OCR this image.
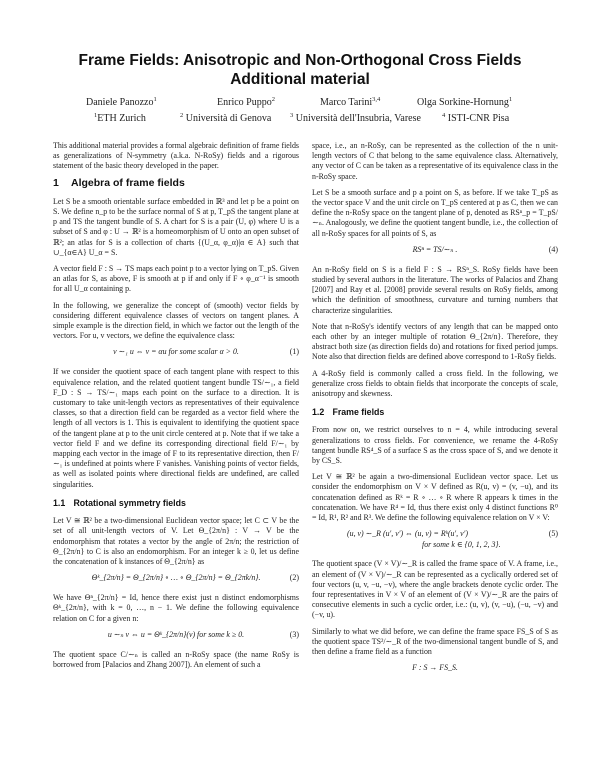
Frame Fields: Anisotropic and Non-Orthogonal Cross Fields
Additional material
Daniele Panozzo$^1$	Enrico Puppo$^2$	Marco Tarini$^{3,4}$	Olga Sorkine-Hornung$^1$
$^1$ETH Zurich	$^2$ Università di Genova	$^3$ Università dell'Insubria, Varese	$^4$ ISTI-CNR Pisa

This additional material provides a formal algebraic definition of frame fields as generalizations of N-symmetry (a.k.a. N-RoSy) fields and a rigorous statement of the basic theory developed in the paper.

1 Algebra of frame fields

Let S be a smooth orientable surface embedded in ℝ³ and let p be a point on S. We define n_p to be the surface normal of S at p, T_pS the tangent plane at p and TS the tangent bundle of S. A chart for S is a pair (U, φ) where U is a subset of S and φ : U → ℝ² is a homeomorphism of U onto an open subset of ℝ²; an atlas for S is a collection of charts {(U_α, φ_α)|α ∈ A} such that ∪_{α∈A} U_α = S.

A vector field F : S → TS maps each point p to a vector lying on T_pS. Given an atlas for S, as above, F is smooth at p if and only if F ∘ φ_α⁻¹ is smooth for all U_α containing p.

In the following, we generalize the concept of (smooth) vector fields by considering different equivalence classes of vectors on tangent planes. A simple example is the direction field, in which we factor out the length of the vectors. For u, v vectors, we define the equivalence class:

v ∼₁ u ⇔ v = αu for some scalar α > 0.	(1)

If we consider the quotient space of each tangent plane with respect to this equivalence relation, and the related quotient tangent bundle TS/∼₁, a field F_D : S → TS/∼₁ maps each point on the surface to a direction. It is customary to take unit-length vectors as representatives of their equivalence classes, so that a direction field can be regarded as a vector field where the length of all vectors is 1. This is equivalent to identifying the quotient space of the tangent plane at p to the unit circle centered at p. Note that if we take a vector field F and we define its corresponding directional field F/∼₁ by mapping each vector in the image of F to its representative direction, then F/∼₁ is undefined at points where F vanishes. Vanishing points of vector fields, as well as isolated points where directional fields are undefined, are called singularities.

1.1 Rotational symmetry fields

Let V ≅ ℝ² be a two-dimensional Euclidean vector space; let C ⊂ V be the set of all unit-length vectors of V. Let Θ_{2π/n} : V → V be the endomorphism that rotates a vector by the angle of 2π/n; the restriction of Θ_{2π/n} to C is also an endomorphism. For an integer k ≥ 0, let us define the concatenation of k instances of Θ_{2π/n} as

Θᵏ_{2π/n} = Θ_{2π/n} ∘ … ∘ Θ_{2π/n} = Θ_{2πk/n}.	(2)

We have Θⁿ_{2π/n} = Id, hence there exist just n distinct endomorphisms Θᵏ_{2π/n}, with k = 0, …, n − 1. We define the following equivalence relation on C for a given n:

u ∼ₙ v ⇔ u = Θᵏ_{2π/n}(v) for some k ≥ 0.	(3)

The quotient space C/∼ₙ is called an n-RoSy space (the name RoSy is borrowed from [Palacios and Zhang 2007]). An element of such a

space, i.e., an n-RoSy, can be represented as the collection of the n unit-length vectors of C that belong to the same equivalence class. Alternatively, any vector of C can be taken as a representative of its equivalence class in the n-RoSy space.

Let S be a smooth surface and p a point on S, as before. If we take T_pS as the vector space V and the unit circle on T_pS centered at p as C, then we can define the n-RoSy space on the tangent plane of p, denoted as RSⁿ_p = T_pS/∼ₙ. Analogously, we define the quotient tangent bundle, i.e., the collection of all n-RoSy spaces for all points of S, as

RSⁿ = TS/∼ₙ .	(4)

An n-RoSy field on S is a field F : S → RSⁿ_S. RoSy fields have been studied by several authors in the literature. The works of Palacios and Zhang [2007] and Ray et al. [2008] provide several results on RoSy fields, among which the definition of smoothness, curvature and turning numbers that characterize singularities.

Note that n-RoSy's identify vectors of any length that can be mapped onto each other by an integer multiple of rotation Θ_{2π/n}. Therefore, they abstract both size (as direction fields do) and rotations for fixed period jumps. Note also that direction fields are defined above correspond to 1-RoSy fields.

A 4-RoSy field is commonly called a cross field. In the following, we generalize cross fields to obtain fields that incorporate the concepts of scale, anisotropy and skewness.

1.2 Frame fields

From now on, we restrict ourselves to n = 4, while introducing several generalizations to cross fields. For convenience, we rename the 4-RoSy tangent bundle RS⁴_S of a surface S as the cross space of S, and we denote it by CS_S.

Let V ≅ ℝ² be again a two-dimensional Euclidean vector space. Let us consider the endomorphism on V × V defined as R(u, v) = (v, −u), and its concatenation defined as Rᵏ = R ∘ … ∘ R where R appears k times in the concatenation. We have R⁴ = Id, thus there exist only 4 distinct functions R⁰ = Id, R¹, R² and R³. We define the following equivalence relation on V × V:

(u, v) ∼_R (u′, v′) ⇔ (u, v) = Rᵏ(u′, v′)
for some k ∈ {0, 1, 2, 3}.
(5)

The quotient space (V × V)/∼_R is called the frame space of V. A frame, i.e., an element of (V × V)/∼_R can be represented as a cyclically ordered set of four vectors (u, v, −u, −v), where the angle brackets denote cyclic order. The four representatives in V × V of an element of (V × V)/∼_R are the pairs of consecutive elements in such a cyclic order, i.e.: (u, v), (v, −u), (−u, −v) and (−v, u).

Similarly to what we did before, we can define the frame space FS_S of S as the quotient space TS²/∼_R of the two-dimensional tangent bundle of S, and then define a frame field as a function

F : S → FS_S.
